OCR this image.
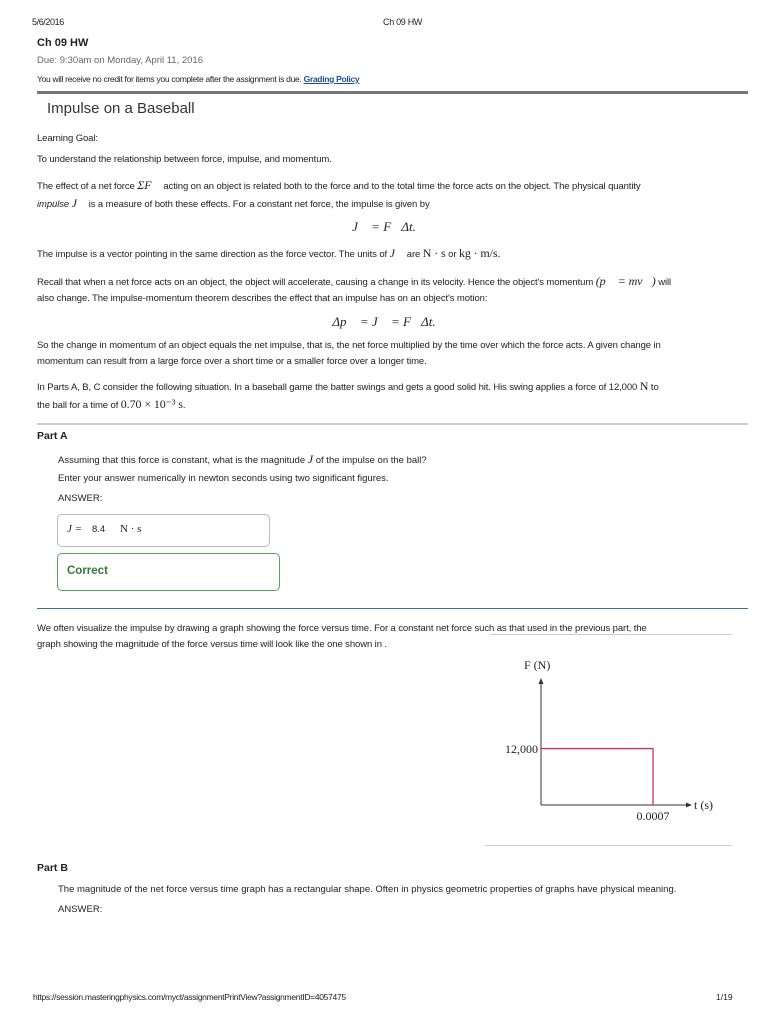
5/6/2016	Ch 09 HW
Ch 09 HW
Due: 9:30am on Monday, April 11, 2016
You will receive no credit for items you complete after the assignment is due. Grading Policy
Impulse on a Baseball
Learning Goal:
To understand the relationship between force, impulse, and momentum.
The effect of a net force ΣF⃗ acting on an object is related both to the force and to the total time the force acts on the object. The physical quantity
impulse J⃗ is a measure of both these effects. For a constant net force, the impulse is given by
J⃗ = F⃗Δt.
The impulse is a vector pointing in the same direction as the force vector. The units of J⃗ are N · s or kg · m/s.
Recall that when a net force acts on an object, the object will accelerate, causing a change in its velocity. Hence the object's momentum (p⃗ = mv⃗) will
also change. The impulse-momentum theorem describes the effect that an impulse has on an object's motion:
Δp⃗ = J⃗ = F⃗Δt.
So the change in momentum of an object equals the net impulse, that is, the net force multiplied by the time over which the force acts. A given change in
momentum can result from a large force over a short time or a smaller force over a longer time.
In Parts A, B, C consider the following situation. In a baseball game the batter swings and gets a good solid hit. His swing applies a force of 12,000 N to
the ball for a time of 0.70 × 10⁻³ s.
Part A
Assuming that this force is constant, what is the magnitude J of the impulse on the ball?
Enter your answer numerically in newton seconds using two significant figures.
ANSWER:
J = 8.4 N · s
Correct
We often visualize the impulse by drawing a graph showing the force versus time. For a constant net force such as that used in the previous part, the
graph showing the magnitude of the force versus time will look like the one shown in .
F (N)
t (s)
12,000
0.0007
Part B
The magnitude of the net force versus time graph has a rectangular shape. Often in physics geometric properties of graphs have physical meaning.
ANSWER:
https://session.masteringphysics.com/myct/assignmentPrintView?assignmentID=4057475	1/19
